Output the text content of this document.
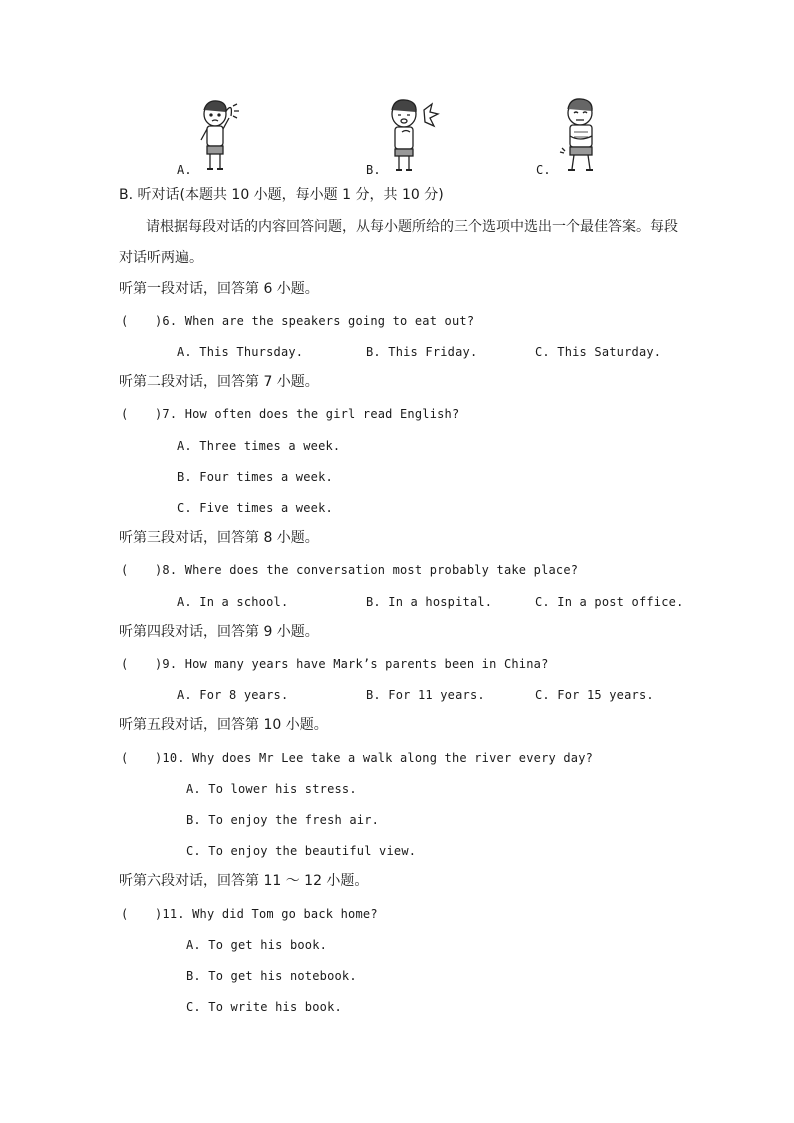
A.	B.	C.
B. 听对话(本题共 10 小题，每小题 1 分，共 10 分)
请根据每段对话的内容回答问题，从每小题所给的三个选项中选出一个最佳答案。每段
对话听两遍。
听第一段对话，回答第 6 小题。
( )6. When are the speakers going to eat out?
A. This Thursday.	B. This Friday.	C. This Saturday.
听第二段对话，回答第 7 小题。
( )7. How often does the girl read English?
A. Three times a week.
B. Four times a week.
C. Five times a week.
听第三段对话，回答第 8 小题。
( )8. Where does the conversation most probably take place?
A. In a school.	B. In a hospital.	C. In a post office.
听第四段对话，回答第 9 小题。
( )9. How many years have Mark’s parents been in China?
A. For 8 years.	B. For 11 years.	C. For 15 years.
听第五段对话，回答第 10 小题。
( )10. Why does Mr Lee take a walk along the river every day?
A. To lower his stress.
B. To enjoy the fresh air.
C. To enjoy the beautiful view.
听第六段对话，回答第 11 ～ 12 小题。
( )11. Why did Tom go back home?
A. To get his book.
B. To get his notebook.
C. To write his book.
